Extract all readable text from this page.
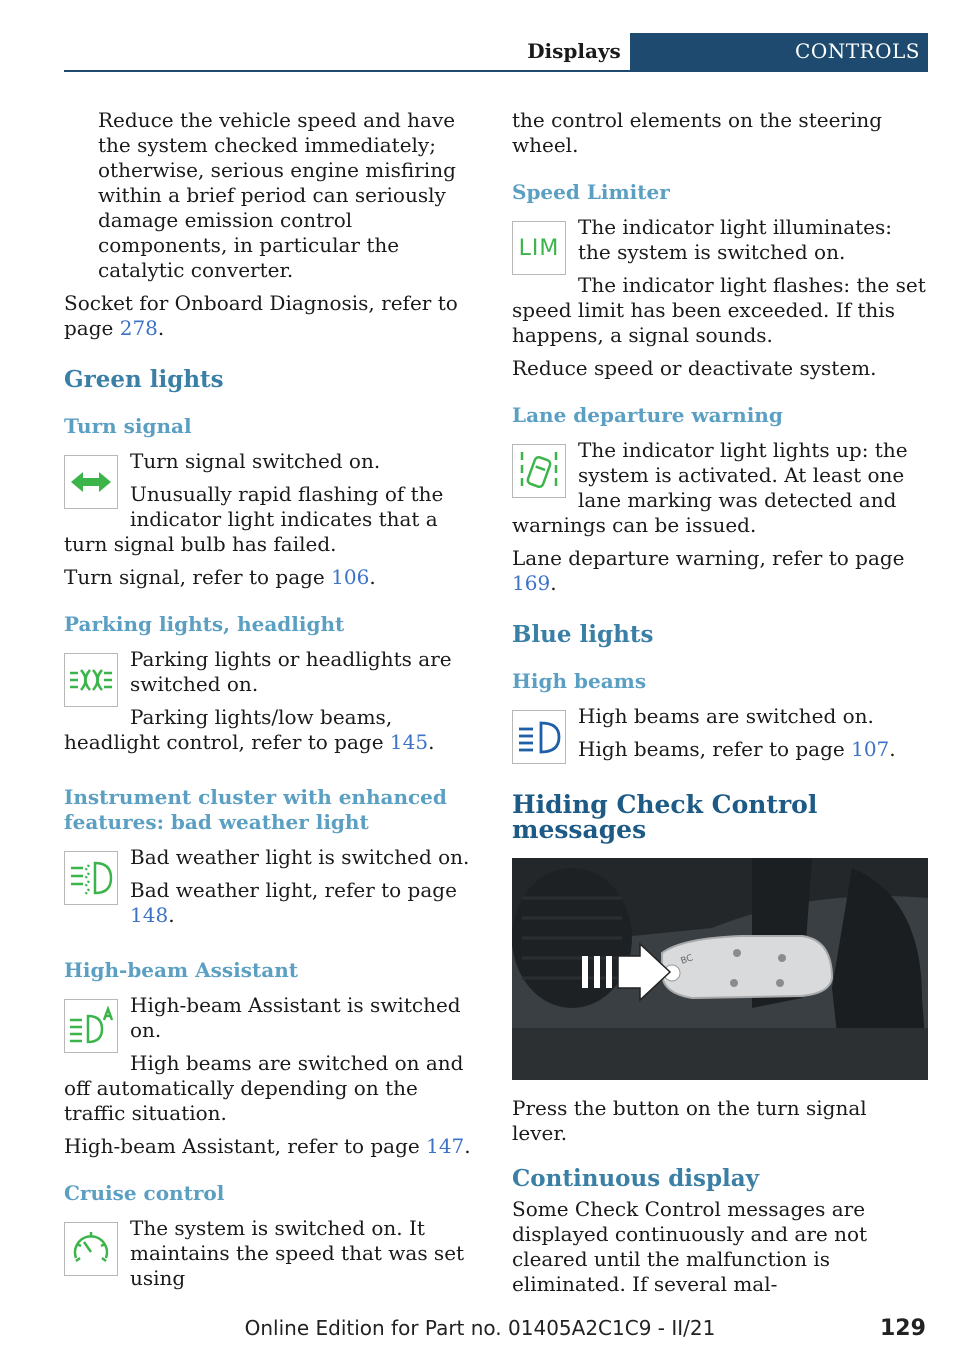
Displays	CONTROLS

Reduce the vehicle speed and have the system checked immediately; otherwise, serious engine misfiring within a brief period can seriously damage emission control components, in particular the catalytic converter.

Socket for Onboard Diagnosis, refer to page 278.

Green lights
Turn signal

Turn signal switched on.

Unusually rapid flashing of the indicator light indicates that a turn signal bulb has failed.

Turn signal, refer to page 106.

Parking lights, headlight

Parking lights or headlights are switched on.

Parking lights/low beams, headlight control, refer to page 145.

Instrument cluster with enhanced features: bad weather light

Bad weather light is switched on.

Bad weather light, refer to page 148.

High-beam Assistant

High-beam Assistant is switched on.

High beams are switched on and off automatically depending on the traffic situation.

High-beam Assistant, refer to page 147.

Cruise control

The system is switched on. It maintains the speed that was set using

the control elements on the steering wheel.

Speed Limiter
LIM

The indicator light illuminates: the system is switched on.

The indicator light flashes: the set speed limit has been exceeded. If this happens, a signal sounds.

Reduce speed or deactivate system.

Lane departure warning

The indicator light lights up: the system is activated. At least one lane marking was detected and warnings can be issued.

Lane departure warning, refer to page 169.

Blue lights
High beams

High beams are switched on.

High beams, refer to page 107.

Hiding Check Control messages
BC

Press the button on the turn signal lever.

Continuous display

Some Check Control messages are displayed continuously and are not cleared until the malfunction is eliminated. If several mal-

Online Edition for Part no. 01405A2C1C9 - II/21	129
